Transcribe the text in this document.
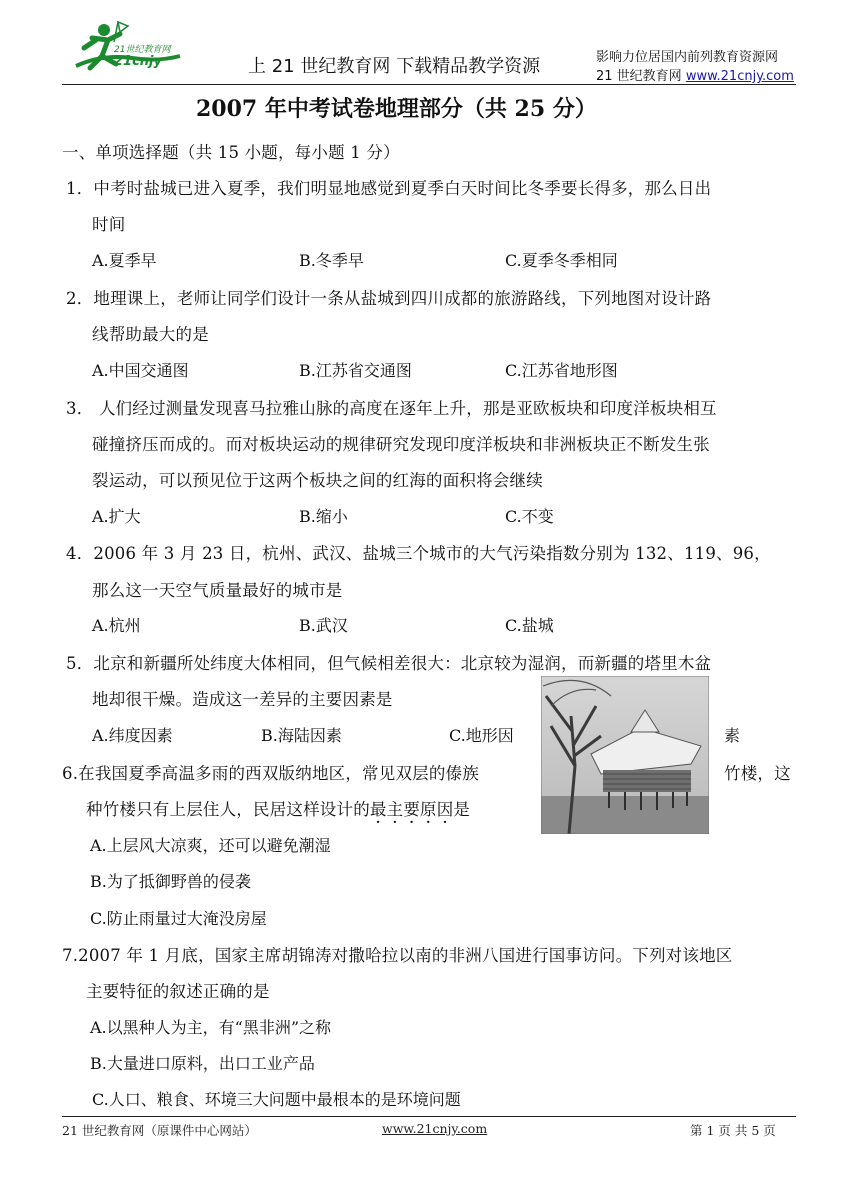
21世纪教育网
21cnjy	上 21 世纪教育网 下载精品教学资源	影响力位居国内前列教育资源网
21 世纪教育网 www.21cnjy.com
2007 年中考试卷地理部分（共 25 分）
一、单项选择题（共 15 小题，每小题 1 分）
1．中考时盐城已进入夏季，我们明显地感觉到夏季白天时间比冬季要长得多，那么日出
时间
A.夏季早	B.冬季早	C.夏季冬季相同
2．地理课上，老师让同学们设计一条从盐城到四川成都的旅游路线，下列地图对设计路
线帮助最大的是
A.中国交通图	B.江苏省交通图	C.江苏省地形图
3． 人们经过测量发现喜马拉雅山脉的高度在逐年上升，那是亚欧板块和印度洋板块相互
碰撞挤压而成的。而对板块运动的规律研究发现印度洋板块和非洲板块正不断发生张
裂运动，可以预见位于这两个板块之间的红海的面积将会继续
A.扩大	B.缩小	C.不变
4．2006 年 3 月 23 日，杭州、武汉、盐城三个城市的大气污染指数分别为 132、119、96，
那么这一天空气质量最好的城市是
A.杭州	B.武汉	C.盐城
5．北京和新疆所处纬度大体相同，但气候相差很大：北京较为湿润，而新疆的塔里木盆
地却很干燥。造成这一差异的主要因素是
A.纬度因素	B.海陆因素	C.地形因	素
6.在我国夏季高温多雨的西双版纳地区，常见双层的傣族	竹楼，这
种竹楼只有上层住人，民居这样设计的最主要原因是
A.上层风大凉爽，还可以避免潮湿
B.为了抵御野兽的侵袭
C.防止雨量过大淹没房屋
7.2007 年 1 月底，国家主席胡锦涛对撒哈拉以南的非洲八国进行国事访问。下列对该地区
主要特征的叙述正确的是
A.以黑种人为主，有“黑非洲”之称
B.大量进口原料，出口工业产品
C.人口、粮食、环境三大问题中最根本的是环境问题
21 世纪教育网（原课件中心网站）	www.21cnjy.com	第 1 页 共 5 页
